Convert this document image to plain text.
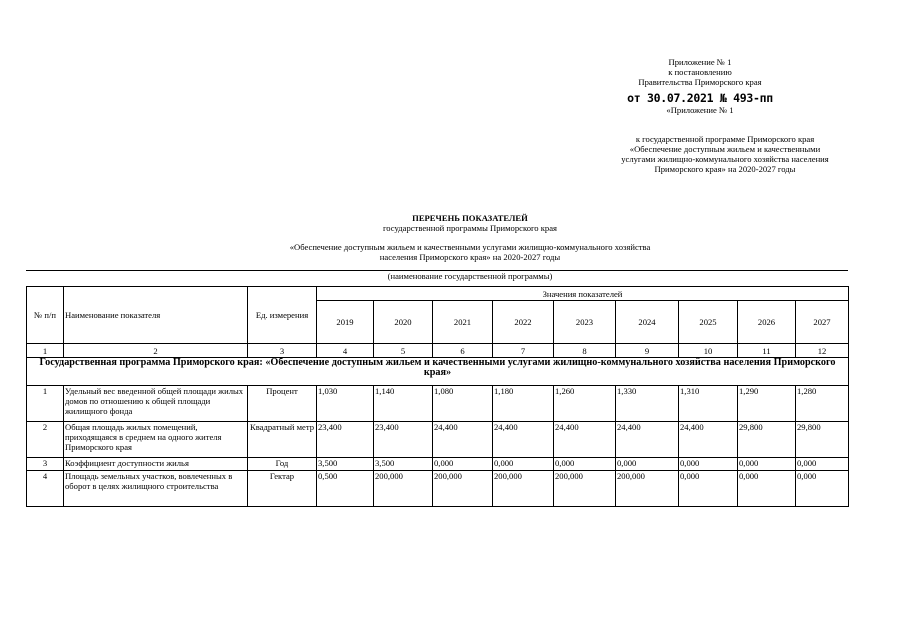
Приложение № 1
к постановлению
Правительства Приморского края
от 30.07.2021 № 493-пп
«Приложение № 1
к государственной программе Приморского края
«Обеспечение доступным жильем и качественными
услугами жилищно-коммунального хозяйства населения
Приморского края» на 2020-2027 годы
ПЕРЕЧЕНЬ ПОКАЗАТЕЛЕЙ
государственной программы Приморского края
«Обеспечение доступным жильем и качественными услугами жилищно-коммунального хозяйства
населения Приморского края» на 2020-2027 годы
(наименование государственной программы)
№ п/п	Наименование показателя	Ед. измерения	Значения показателей								
			2019	2020	2021	2022	2023	2024	2025	2026	2027
1	2	3	4	5	6	7	8	9	10	11	12
Государственная программа Приморского края: «Обеспечение доступным жильем и качественными услугами жилищно-коммунального хозяйства населения Приморского края»											
1	Удельный вес введенной общей площади жилых домов по отношению к общей площади жилищного фонда	Процент	1,030	1,140	1,080	1,180	1,260	1,330	1,310	1,290	1,280
2	Общая площадь жилых помещений, приходящаяся в среднем на одного жителя Приморского края	Квадратный метр	23,400	23,400	24,400	24,400	24,400	24,400	24,400	29,800	29,800
3	Коэффициент доступности жилья	Год	3,500	3,500	0,000	0,000	0,000	0,000	0,000	0,000	0,000
4	Площадь земельных участков, вовлеченных в оборот в целях жилищного строительства	Гектар	0,500	200,000	200,000	200,000	200,000	200,000	0,000	0,000	0,000
